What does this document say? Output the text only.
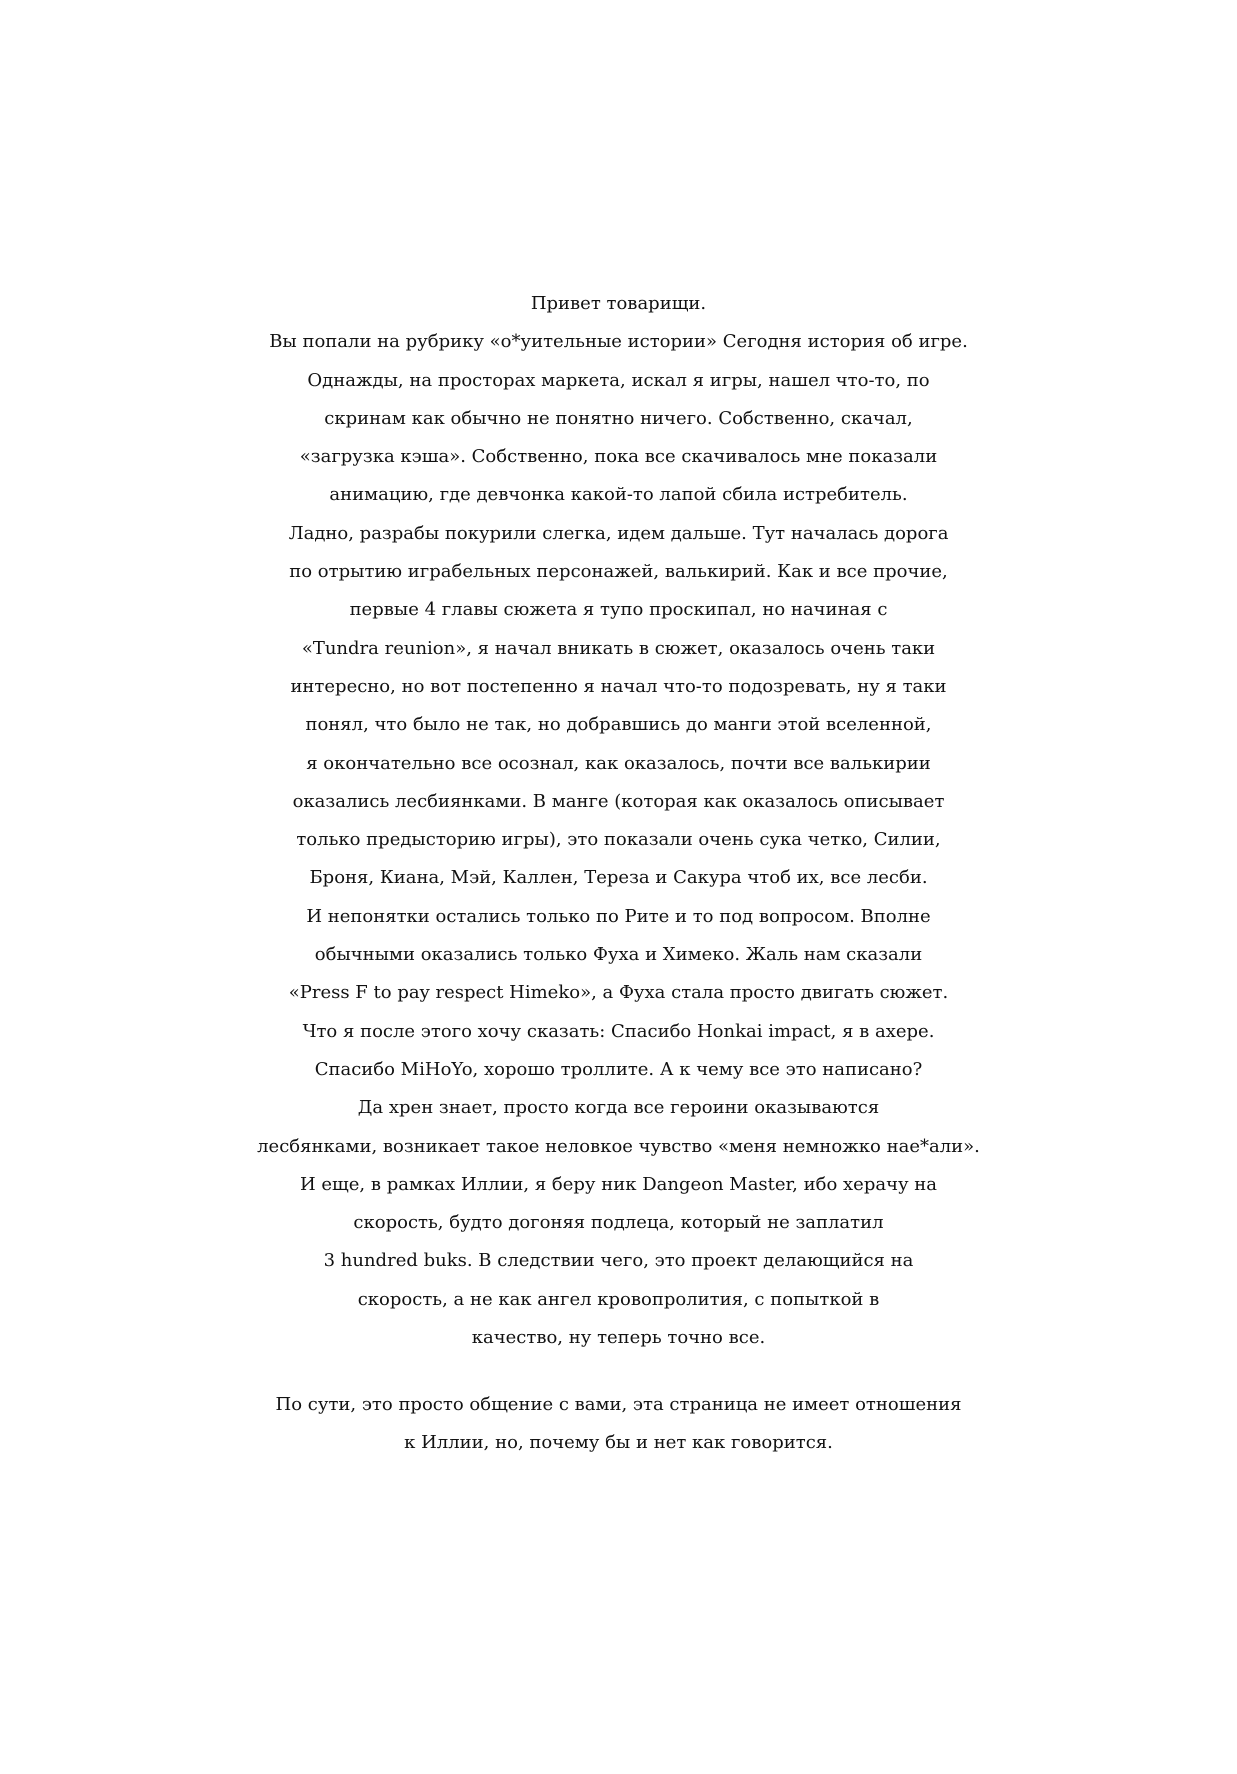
Привет товарищи.
Вы попали на рубрику «о*уительные истории» Сегодня история об игре.
Однажды, на просторах маркета, искал я игры, нашел что-то, по
скринам как обычно не понятно ничего. Собственно, скачал,
«загрузка кэша». Собственно, пока все скачивалось мне показали
анимацию, где девчонка какой-то лапой сбила истребитель.
Ладно, разрабы покурили слегка, идем дальше. Тут началась дорога
по отрытию играбельных персонажей, валькирий. Как и все прочие,
первые 4 главы сюжета я тупо проскипал, но начиная с
«Tundra reunion», я начал вникать в сюжет, оказалось очень таки
интересно, но вот постепенно я начал что-то подозревать, ну я таки
понял, что было не так, но добравшись до манги этой вселенной,
я окончательно все осознал, как оказалось, почти все валькирии
оказались лесбиянками. В манге (которая как оказалось описывает
только предысторию игры), это показали очень сука четко, Силии,
Броня, Киана, Мэй, Каллен, Тереза и Сакура чтоб их, все лесби.
И непонятки остались только по Рите и то под вопросом. Вполне
обычными оказались только Фуха и Химеко. Жаль нам сказали
«Press F to pay respect Himeko», а Фуха стала просто двигать сюжет.
Что я после этого хочу сказать: Спасибо Honkai impact, я в ахере.
Спасибо MiHoYo, хорошо троллите. А к чему все это написано?
Да хрен знает, просто когда все героини оказываются
лесбянками, возникает такое неловкое чувство «меня немножко нае*али».
И еще, в рамках Иллии, я беру ник Dangeon Master, ибо херачу на
скорость, будто догоняя подлеца, который не заплатил
3 hundred buks. В следствии чего, это проект делающийся на
скорость, а не как ангел кровопролития, с попыткой в
качество, ну теперь точно все.
По сути, это просто общение с вами, эта страница не имеет отношения
к Иллии, но, почему бы и нет как говорится.
